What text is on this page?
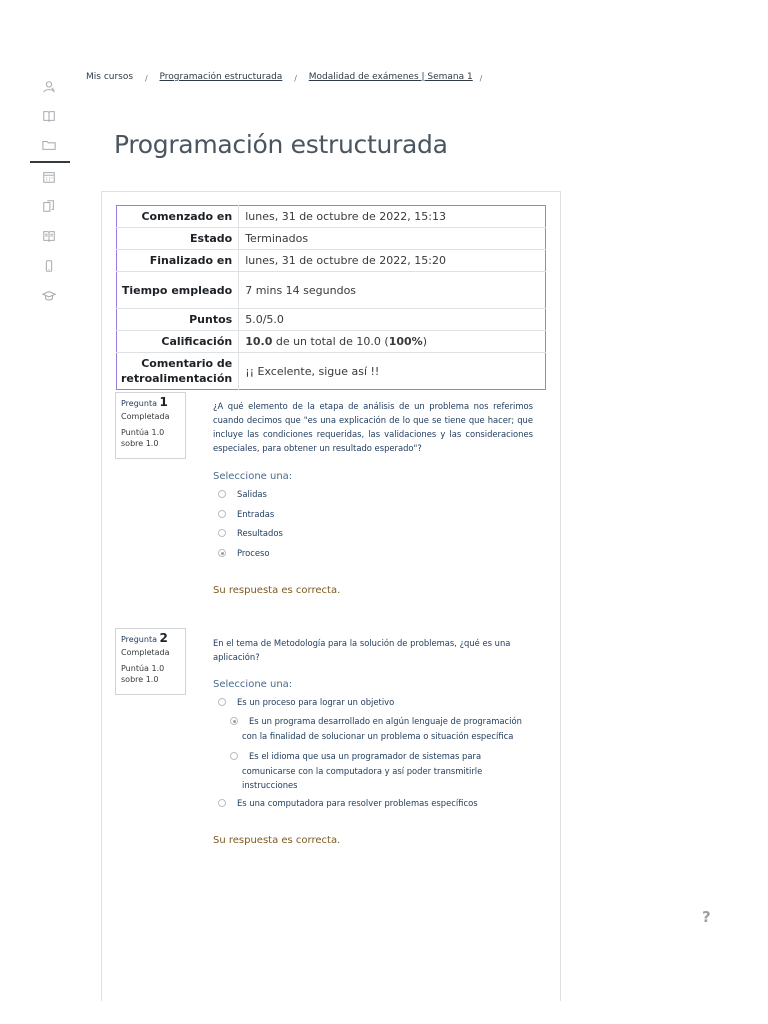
Mis cursos / Programación estructurada / Modalidad de exámenes | Semana 1 /
Programación estructurada
Comenzado en	lunes, 31 de octubre de 2022, 15:13
Estado	Terminados
Finalizado en	lunes, 31 de octubre de 2022, 15:20
Tiempo empleado	7 mins 14 segundos
Puntos	5.0/5.0
Calificación	10.0 de un total de 10.0 (100%)
Comentario de retroalimentación	¡¡ Excelente, sigue así !!
Pregunta 1
Completada
Puntúa 1.0 sobre 1.0
¿A qué elemento de la etapa de análisis de un problema nos referimos cuando decimos que "es una explicación de lo que se tiene que hacer; que incluye las condiciones requeridas, las validaciones y las consideraciones especiales, para obtener un resultado esperado"?
Seleccione una:
Salidas
Entradas
Resultados
Proceso
Su respuesta es correcta.
Pregunta 2
Completada
Puntúa 1.0 sobre 1.0
En el tema de Metodología para la solución de problemas, ¿qué es una aplicación?
Seleccione una:
Es un proceso para lograr un objetivo
Es un programa desarrollado en algún lenguaje de programación con la finalidad de solucionar un problema o situación específica
Es el idioma que usa un programador de sistemas para comunicarse con la computadora y así poder transmitirle instrucciones
Es una computadora para resolver problemas específicos
Su respuesta es correcta.
?
